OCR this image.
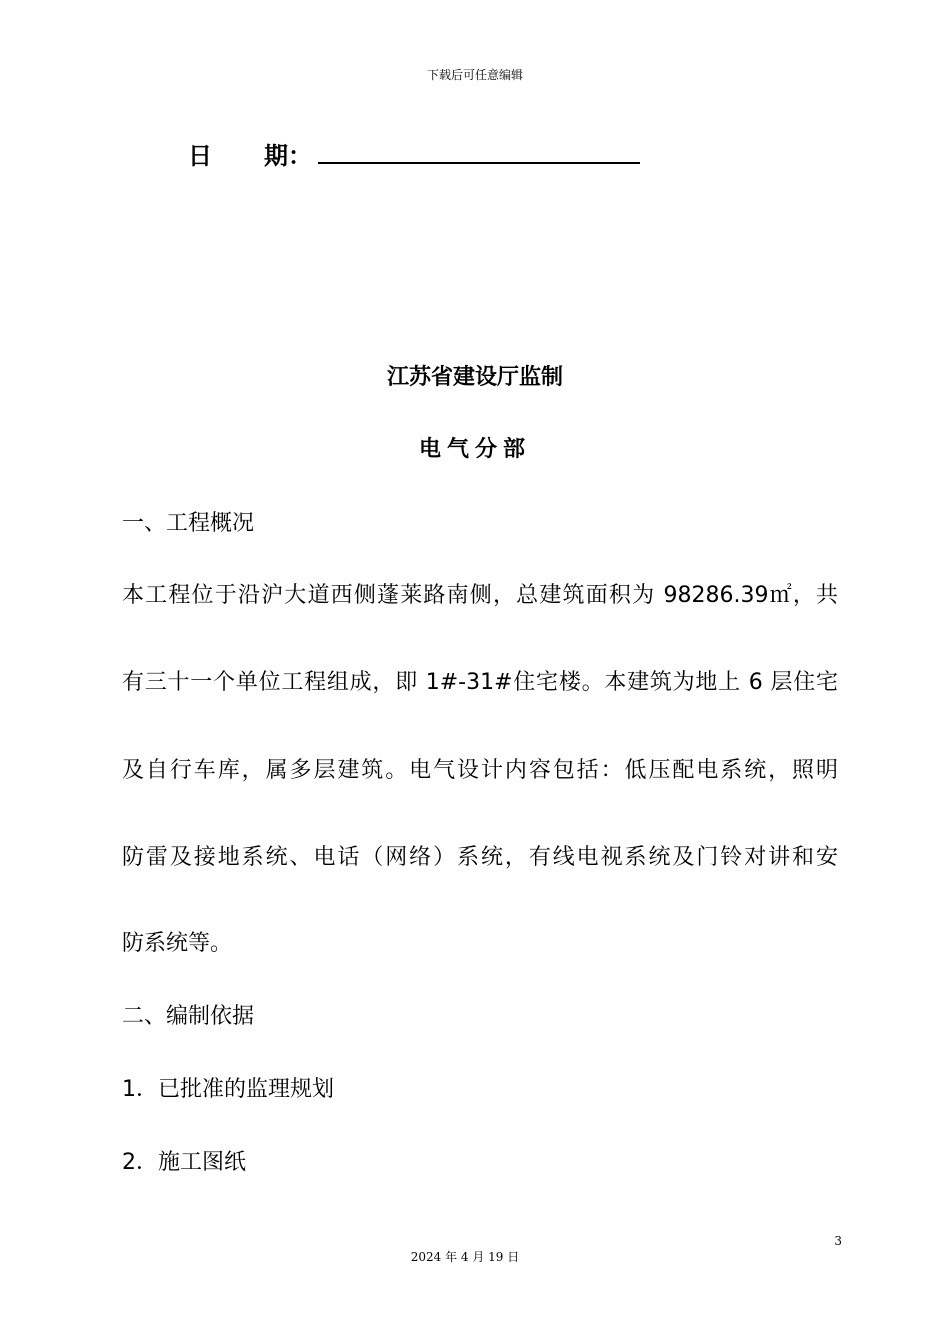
下载后可任意编辑
日	期：
江苏省建设厅监制
电气分部
一、工程概况
本工程位于沿沪大道西侧蓬莱路南侧，总建筑面积为 98286.39㎡，共
有三十一个单位工程组成，即 1#-31#住宅楼。本建筑为地上 6 层住宅
及自行车库，属多层建筑。电气设计内容包括：低压配电系统，照明
防雷及接地系统、电话（网络）系统，有线电视系统及门铃对讲和安
防系统等。
二、编制依据
1．已批准的监理规划
2．施工图纸
3
2024 年 4 月 19 日
